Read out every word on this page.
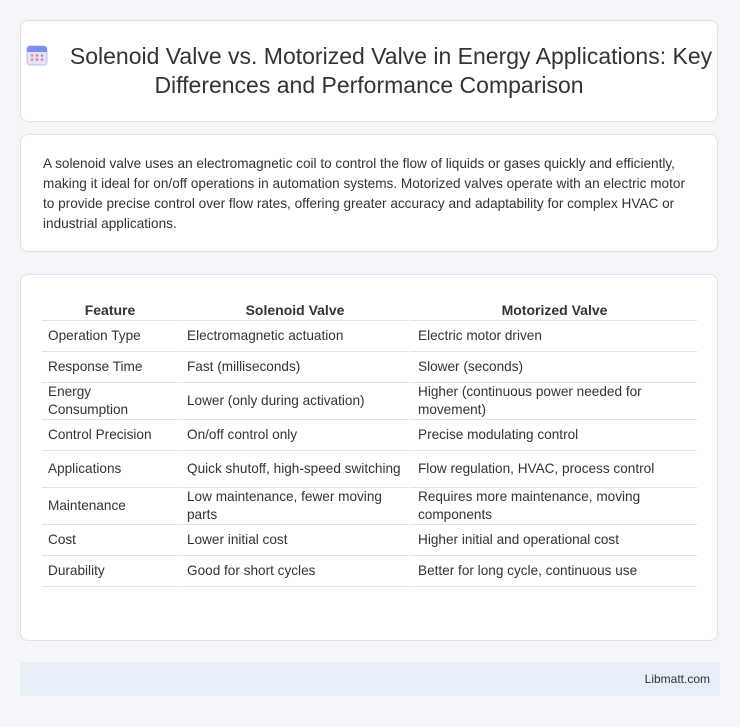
Solenoid Valve vs. Motorized Valve in Energy Applications: Key Differences and Performance Comparison

A solenoid valve uses an electromagnetic coil to control the flow of liquids or gases quickly and efficiently, making it ideal for on/off operations in automation systems. Motorized valves operate with an electric motor to provide precise control over flow rates, offering greater accuracy and adaptability for complex HVAC or industrial applications.

Feature	Solenoid Valve	Motorized Valve
Operation Type	Electromagnetic actuation	Electric motor driven
Response Time	Fast (milliseconds)	Slower (seconds)
Energy Consumption	Lower (only during activation)	Higher (continuous power needed for movement)
Control Precision	On/off control only	Precise modulating control
Applications	Quick shutoff, high-speed switching	Flow regulation, HVAC, process control
Maintenance	Low maintenance, fewer moving parts	Requires more maintenance, moving components
Cost	Lower initial cost	Higher initial and operational cost
Durability	Good for short cycles	Better for long cycle, continuous use
Libmatt.com
